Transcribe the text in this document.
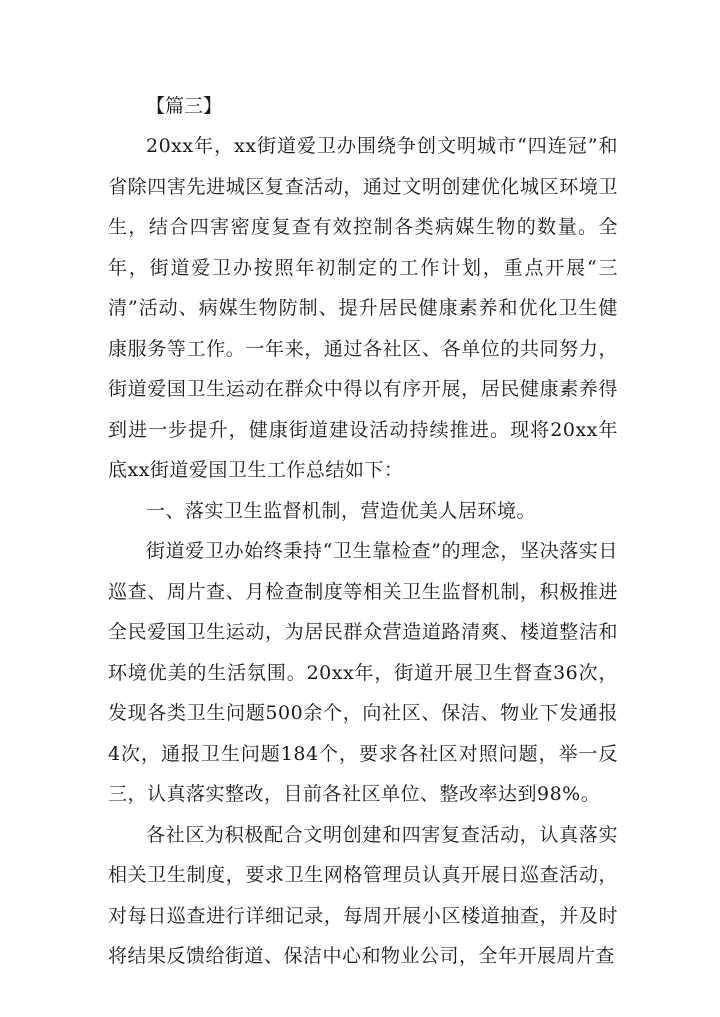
【篇三】

20xx年，xx街道爱卫办围绕争创文明城市“四连冠”和省除四害先进城区复查活动，通过文明创建优化城区环境卫生，结合四害密度复查有效控制各类病媒生物的数量。全年，街道爱卫办按照年初制定的工作计划，重点开展“三清”活动、病媒生物防制、提升居民健康素养和优化卫生健康服务等工作。一年来，通过各社区、各单位的共同努力，街道爱国卫生运动在群众中得以有序开展，居民健康素养得到进一步提升，健康街道建设活动持续推进。现将20xx年底xx街道爱国卫生工作总结如下：

一、落实卫生监督机制，营造优美人居环境。

街道爱卫办始终秉持“卫生靠检查”的理念，坚决落实日巡查、周片查、月检查制度等相关卫生监督机制，积极推进全民爱国卫生运动，为居民群众营造道路清爽、楼道整洁和环境优美的生活氛围。20xx年，街道开展卫生督查36次，发现各类卫生问题500余个，向社区、保洁、物业下发通报4次，通报卫生问题184个，要求各社区对照问题，举一反三，认真落实整改，目前各社区单位、整改率达到98%。

各社区为积极配合文明创建和四害复查活动，认真落实相关卫生制度，要求卫生网格管理员认真开展日巡查活动，对每日巡查进行详细记录，每周开展小区楼道抽查，并及时将结果反馈给街道、保洁中心和物业公司，全年开展周片查
